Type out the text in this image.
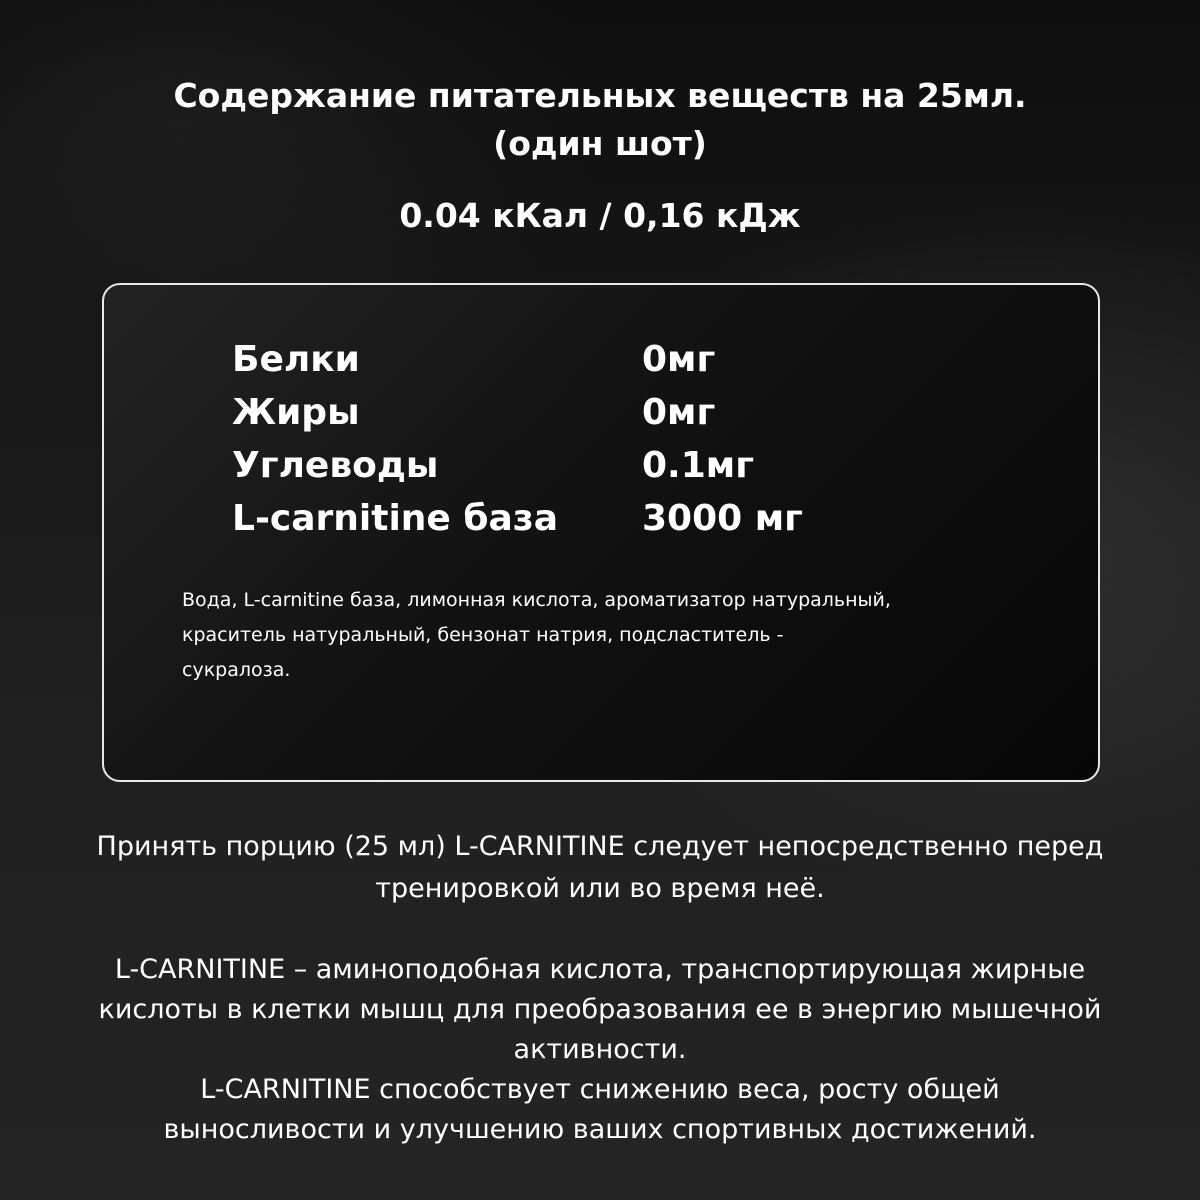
Содержание питательных веществ на 25мл.
(один шот)
0.04 кКал / 0,16 кДж
Белки	0мг
Жиры	0мг
Углеводы	0.1мг
L-carnitine база	3000 мг
Вода, L-carnitine база, лимонная кислота, ароматизатор натуральный,
краситель натуральный, бензонат натрия, подсластитель -
сукралоза.
Принять порцию (25 мл) L-CARNITINE следует непосредственно перед
тренировкой или во время неё.
L-CARNITINE – аминоподобная кислота, транспортирующая жирные
кислоты в клетки мышц для преобразования ее в энергию мышечной
активности.
L-CARNITINE способствует снижению веса, росту общей
выносливости и улучшению ваших спортивных достижений.
